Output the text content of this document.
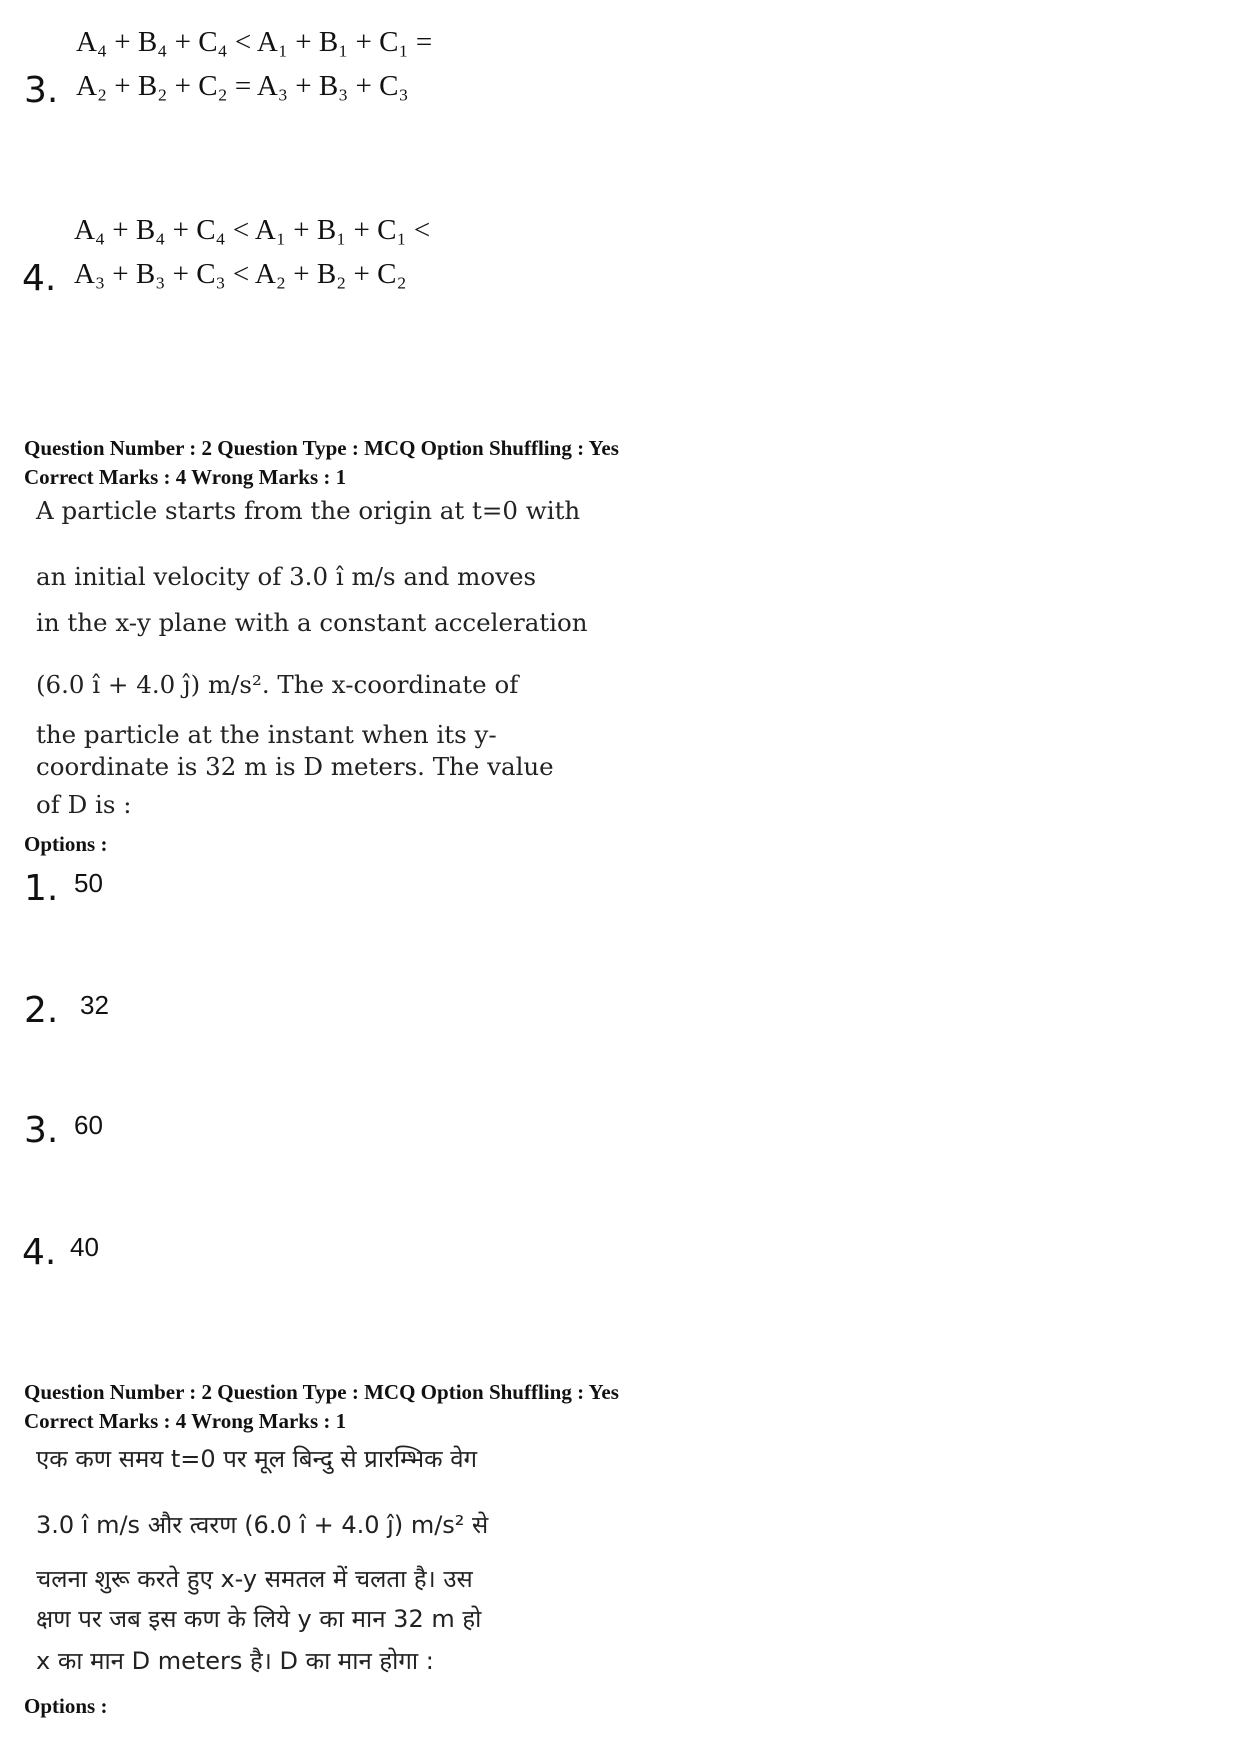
A₄ + B₄ + C₄ < A₁ + B₁ + C₁ =
3. A₂ + B₂ + C₂ = A₃ + B₃ + C₃
A₄ + B₄ + C₄ < A₁ + B₁ + C₁ <
4. A₃ + B₃ + C₃ < A₂ + B₂ + C₂
Question Number : 2 Question Type : MCQ Option Shuffling : Yes
Correct Marks : 4 Wrong Marks : 1
A particle starts from the origin at t=0 with
an initial velocity of 3.0 î m/s and moves
in the x-y plane with a constant acceleration
(6.0 î + 4.0 ĵ) m/s². The x-coordinate of
the particle at the instant when its y-
coordinate is 32 m is D meters. The value
of D is :
Options :
1. 50
2. 32
3. 60
4. 40
Question Number : 2 Question Type : MCQ Option Shuffling : Yes
Correct Marks : 4 Wrong Marks : 1
एक कण समय t=0 पर मूल बिन्दु से प्रारम्भिक वेग
3.0 î m/s और त्वरण (6.0 î + 4.0 ĵ) m/s² से
चलना शुरू करते हुए x-y समतल में चलता है। उस
क्षण पर जब इस कण के लिये y का मान 32 m हो
x का मान D meters है। D का मान होगा :
Options :
